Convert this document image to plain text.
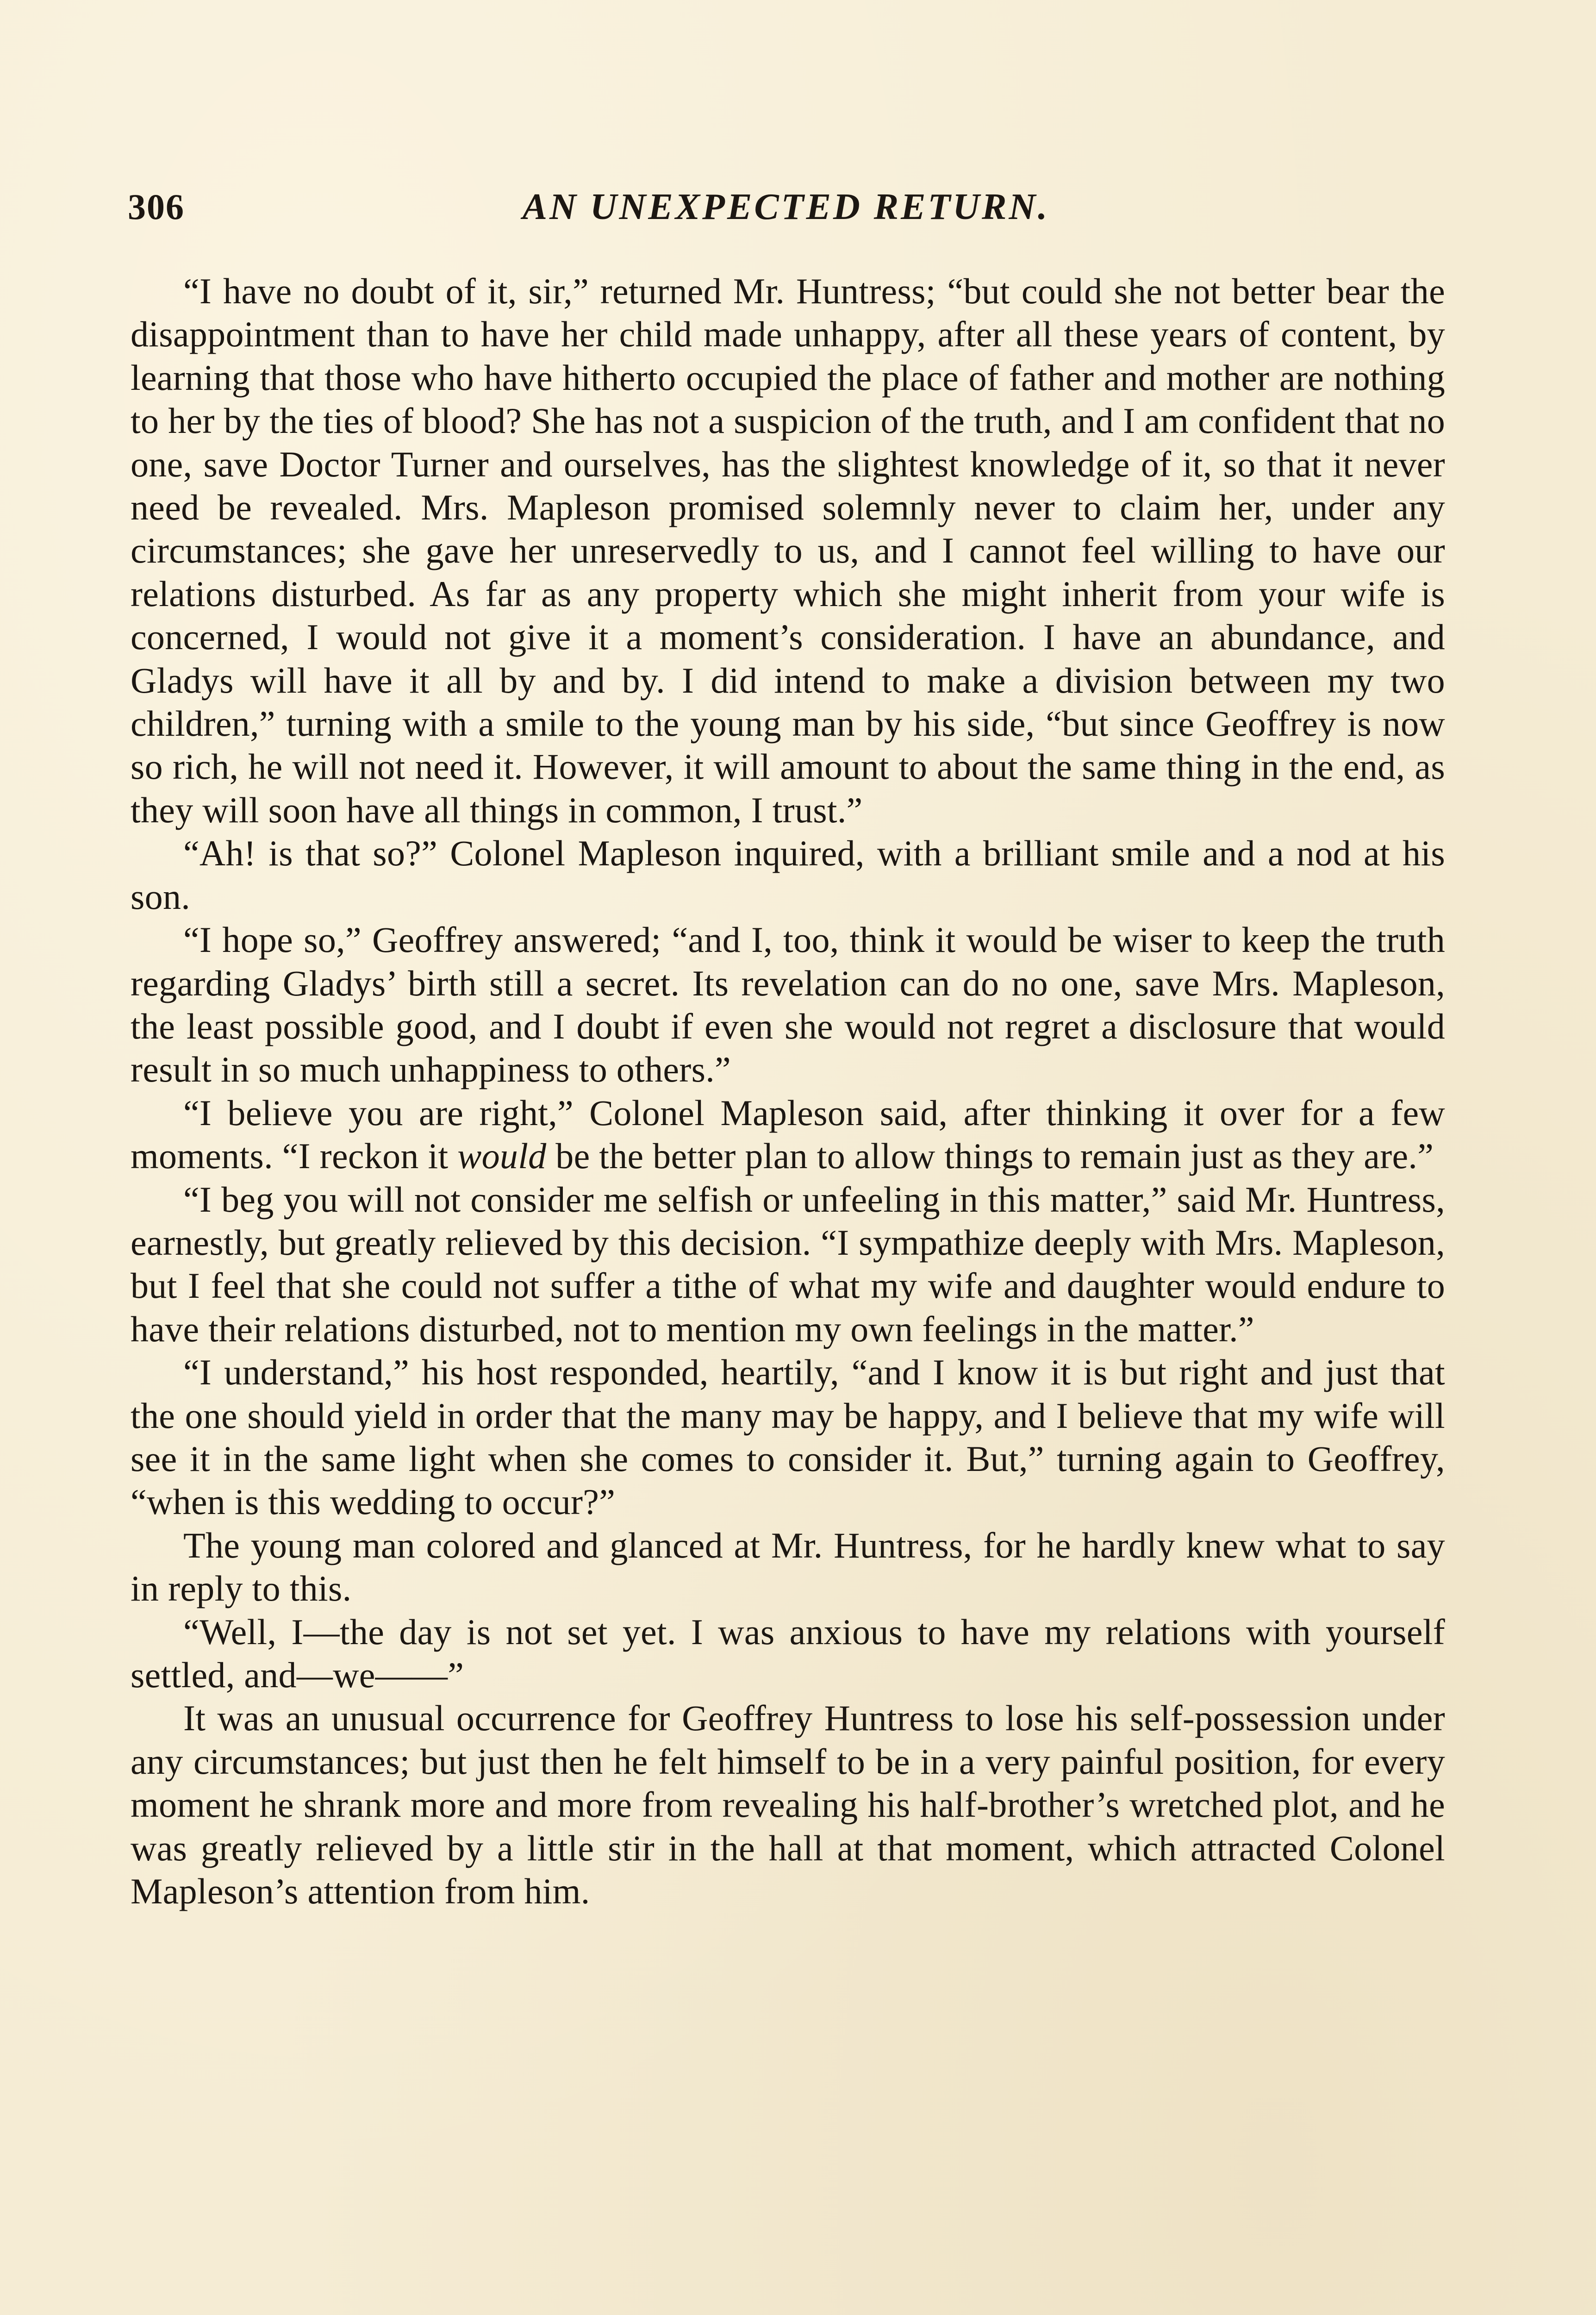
306	AN UNEXPECTED RETURN.

“I have no doubt of it, sir,” returned Mr. Huntress; “but could she not better bear the disappointment than to have her child made unhappy, after all these years of content, by learning that those who have hitherto occupied the place of father and mother are nothing to her by the ties of blood? She has not a suspicion of the truth, and I am confident that no one, save Doctor Turner and ourselves, has the slightest knowledge of it, so that it never need be revealed. Mrs. Mapleson promised solemnly never to claim her, under any circumstances; she gave her unreservedly to us, and I cannot feel willing to have our relations disturbed. As far as any property which she might inherit from your wife is concerned, I would not give it a moment’s consideration. I have an abundance, and Gladys will have it all by and by. I did intend to make a division between my two children,” turning with a smile to the young man by his side, “but since Geoffrey is now so rich, he will not need it. However, it will amount to about the same thing in the end, as they will soon have all things in common, I trust.”

“Ah! is that so?” Colonel Mapleson inquired, with a brilliant smile and a nod at his son.

“I hope so,” Geoffrey answered; “and I, too, think it would be wiser to keep the truth regarding Gladys’ birth still a secret. Its revelation can do no one, save Mrs. Mapleson, the least possible good, and I doubt if even she would not regret a disclosure that would result in so much unhappiness to others.”

“I believe you are right,” Colonel Mapleson said, after thinking it over for a few moments. “I reckon it would be the better plan to allow things to remain just as they are.”

“I beg you will not consider me selfish or unfeeling in this matter,” said Mr. Huntress, earnestly, but greatly relieved by this decision. “I sympathize deeply with Mrs. Mapleson, but I feel that she could not suffer a tithe of what my wife and daughter would endure to have their relations disturbed, not to mention my own feelings in the matter.”

“I understand,” his host responded, heartily, “and I know it is but right and just that the one should yield in order that the many may be happy, and I believe that my wife will see it in the same light when she comes to consider it. But,” turning again to Geoffrey, “when is this wedding to occur?”

The young man colored and glanced at Mr. Huntress, for he hardly knew what to say in reply to this.

“Well, I—the day is not set yet. I was anxious to have my relations with yourself settled, and—we——”

It was an unusual occurrence for Geoffrey Huntress to lose his self-possession under any circumstances; but just then he felt himself to be in a very painful position, for every moment he shrank more and more from revealing his half-brother’s wretched plot, and he was greatly relieved by a little stir in the hall at that moment, which attracted Colonel Mapleson’s attention from him.
